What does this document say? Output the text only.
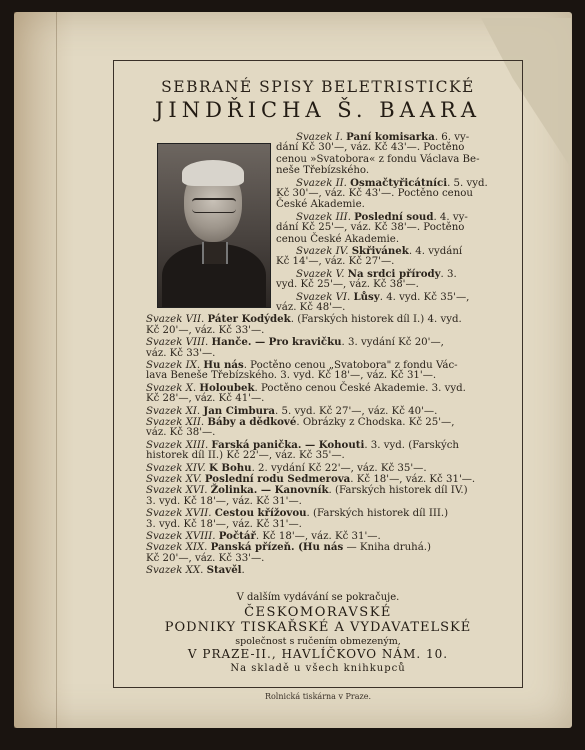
SEBRANÉ SPISY BELETRISTICKÉ
JINDŘICHA Š. BAARA
Svazek I. Paní komisarka. 6. vy-
dání Kč 30'—, váz. Kč 43'—. Poctěno
cenou »Svatobora« z fondu Václava Be-
neše Třebízského.
Svazek II. Osmačtyřicátníci. 5. vyd.
Kč 30'—, váz. Kč 43'—. Poctěno cenou
České Akademie.
Svazek III. Poslední soud. 4. vy-
dání Kč 25'—, váz. Kč 38'—. Poctěno
cenou České Akademie.
Svazek IV. Skřivánek. 4. vydání
Kč 14'—, váz. Kč 27'—.
Svazek V. Na srdci přírody. 3.
vyd. Kč 25'—, váz. Kč 38'—.
Svazek VI. Lůsy. 4. vyd. Kč 35'—,
váz. Kč 48'—.
Svazek VII. Páter Kodýdek. (Farských historek díl I.) 4. vyd.
Kč 20'—, váz. Kč 33'—.
Svazek VIII. Hanče. — Pro kravičku. 3. vydání Kč 20'—,
váz. Kč 33'—.
Svazek IX. Hu nás. Poctěno cenou „Svatobora" z fondu Vác-
lava Beneše Třebízského. 3. vyd. Kč 18'—, váz. Kč 31'—.
Svazek X. Holoubek. Poctěno cenou České Akademie. 3. vyd.
Kč 28'—, váz. Kč 41'—.
Svazek XI. Jan Cimbura. 5. vyd. Kč 27'—, váz. Kč 40'—.
Svazek XII. Báby a dědkové. Obrázky z Chodska. Kč 25'—,
váz. Kč 38'—.
Svazek XIII. Farská panička. — Kohouti. 3. vyd. (Farských
historek díl II.) Kč 22'—, váz. Kč 35'—.
Svazek XIV. K Bohu. 2. vydání Kč 22'—, váz. Kč 35'—.
Svazek XV. Poslední rodu Sedmerova. Kč 18'—, váz. Kč 31'—.
Svazek XVI. Žolinka. — Kanovník. (Farských historek díl IV.)
3. vyd. Kč 18'—, váz. Kč 31'—.
Svazek XVII. Cestou křížovou. (Farských historek díl III.)
3. vyd. Kč 18'—, váz. Kč 31'—.
Svazek XVIII. Počtář. Kč 18'—, váz. Kč 31'—.
Svazek XIX. Panská přízeň. (Hu nás — Kniha druhá.)
Kč 20'—, váz. Kč 33'—.
Svazek XX. Stavěl.
V dalším vydávání se pokračuje.
ČESKOMORAVSKÉ
PODNIKY TISKAŘSKÉ A VYDAVATELSKÉ
společnost s ručením obmezeným,
V PRAZE-II., HAVLÍČKOVO NÁM. 10.
Na skladě u všech knihkupců
Rolnická tiskárna v Praze.
